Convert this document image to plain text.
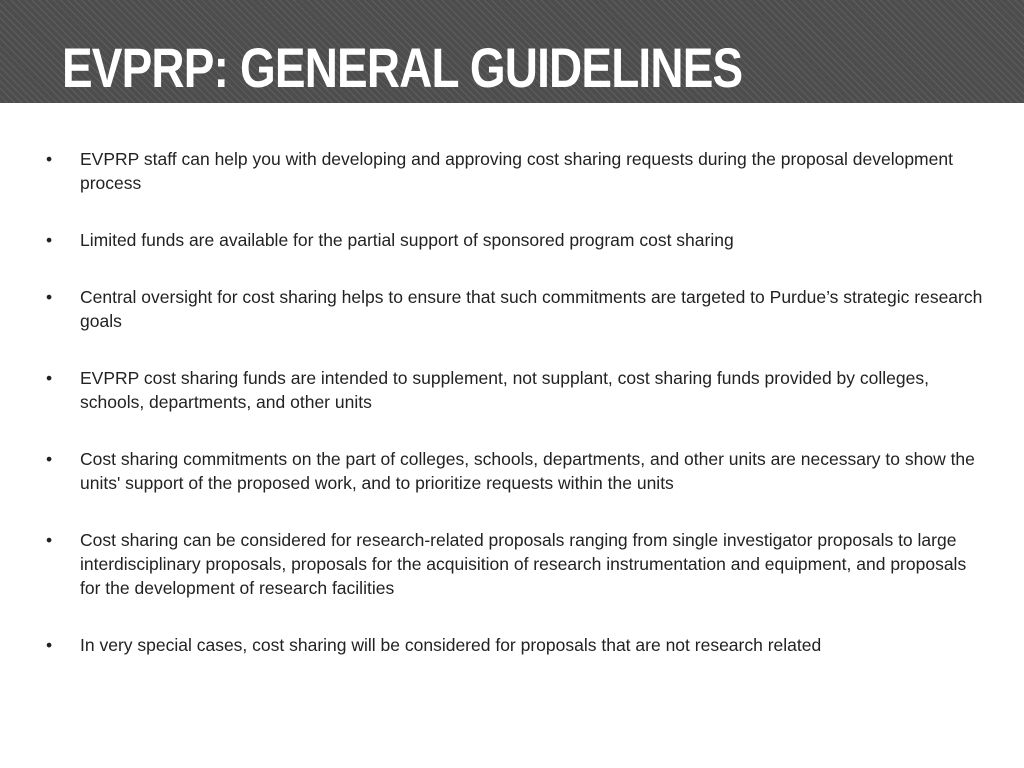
EVPRP: GENERAL GUIDELINES
• EVPRP staff can help you with developing and approving cost sharing requests during the proposal development process
• Limited funds are available for the partial support of sponsored program cost sharing
• Central oversight for cost sharing helps to ensure that such commitments are targeted to Purdue’s strategic research goals
• EVPRP cost sharing funds are intended to supplement, not supplant, cost sharing funds provided by colleges, schools, departments, and other units
• Cost sharing commitments on the part of colleges, schools, departments, and other units are necessary to show the units' support of the proposed work, and to prioritize requests within the units
• Cost sharing can be considered for research-related proposals ranging from single investigator proposals to large interdisciplinary proposals, proposals for the acquisition of research instrumentation and equipment, and proposals for the development of research facilities
• In very special cases, cost sharing will be considered for proposals that are not research related
